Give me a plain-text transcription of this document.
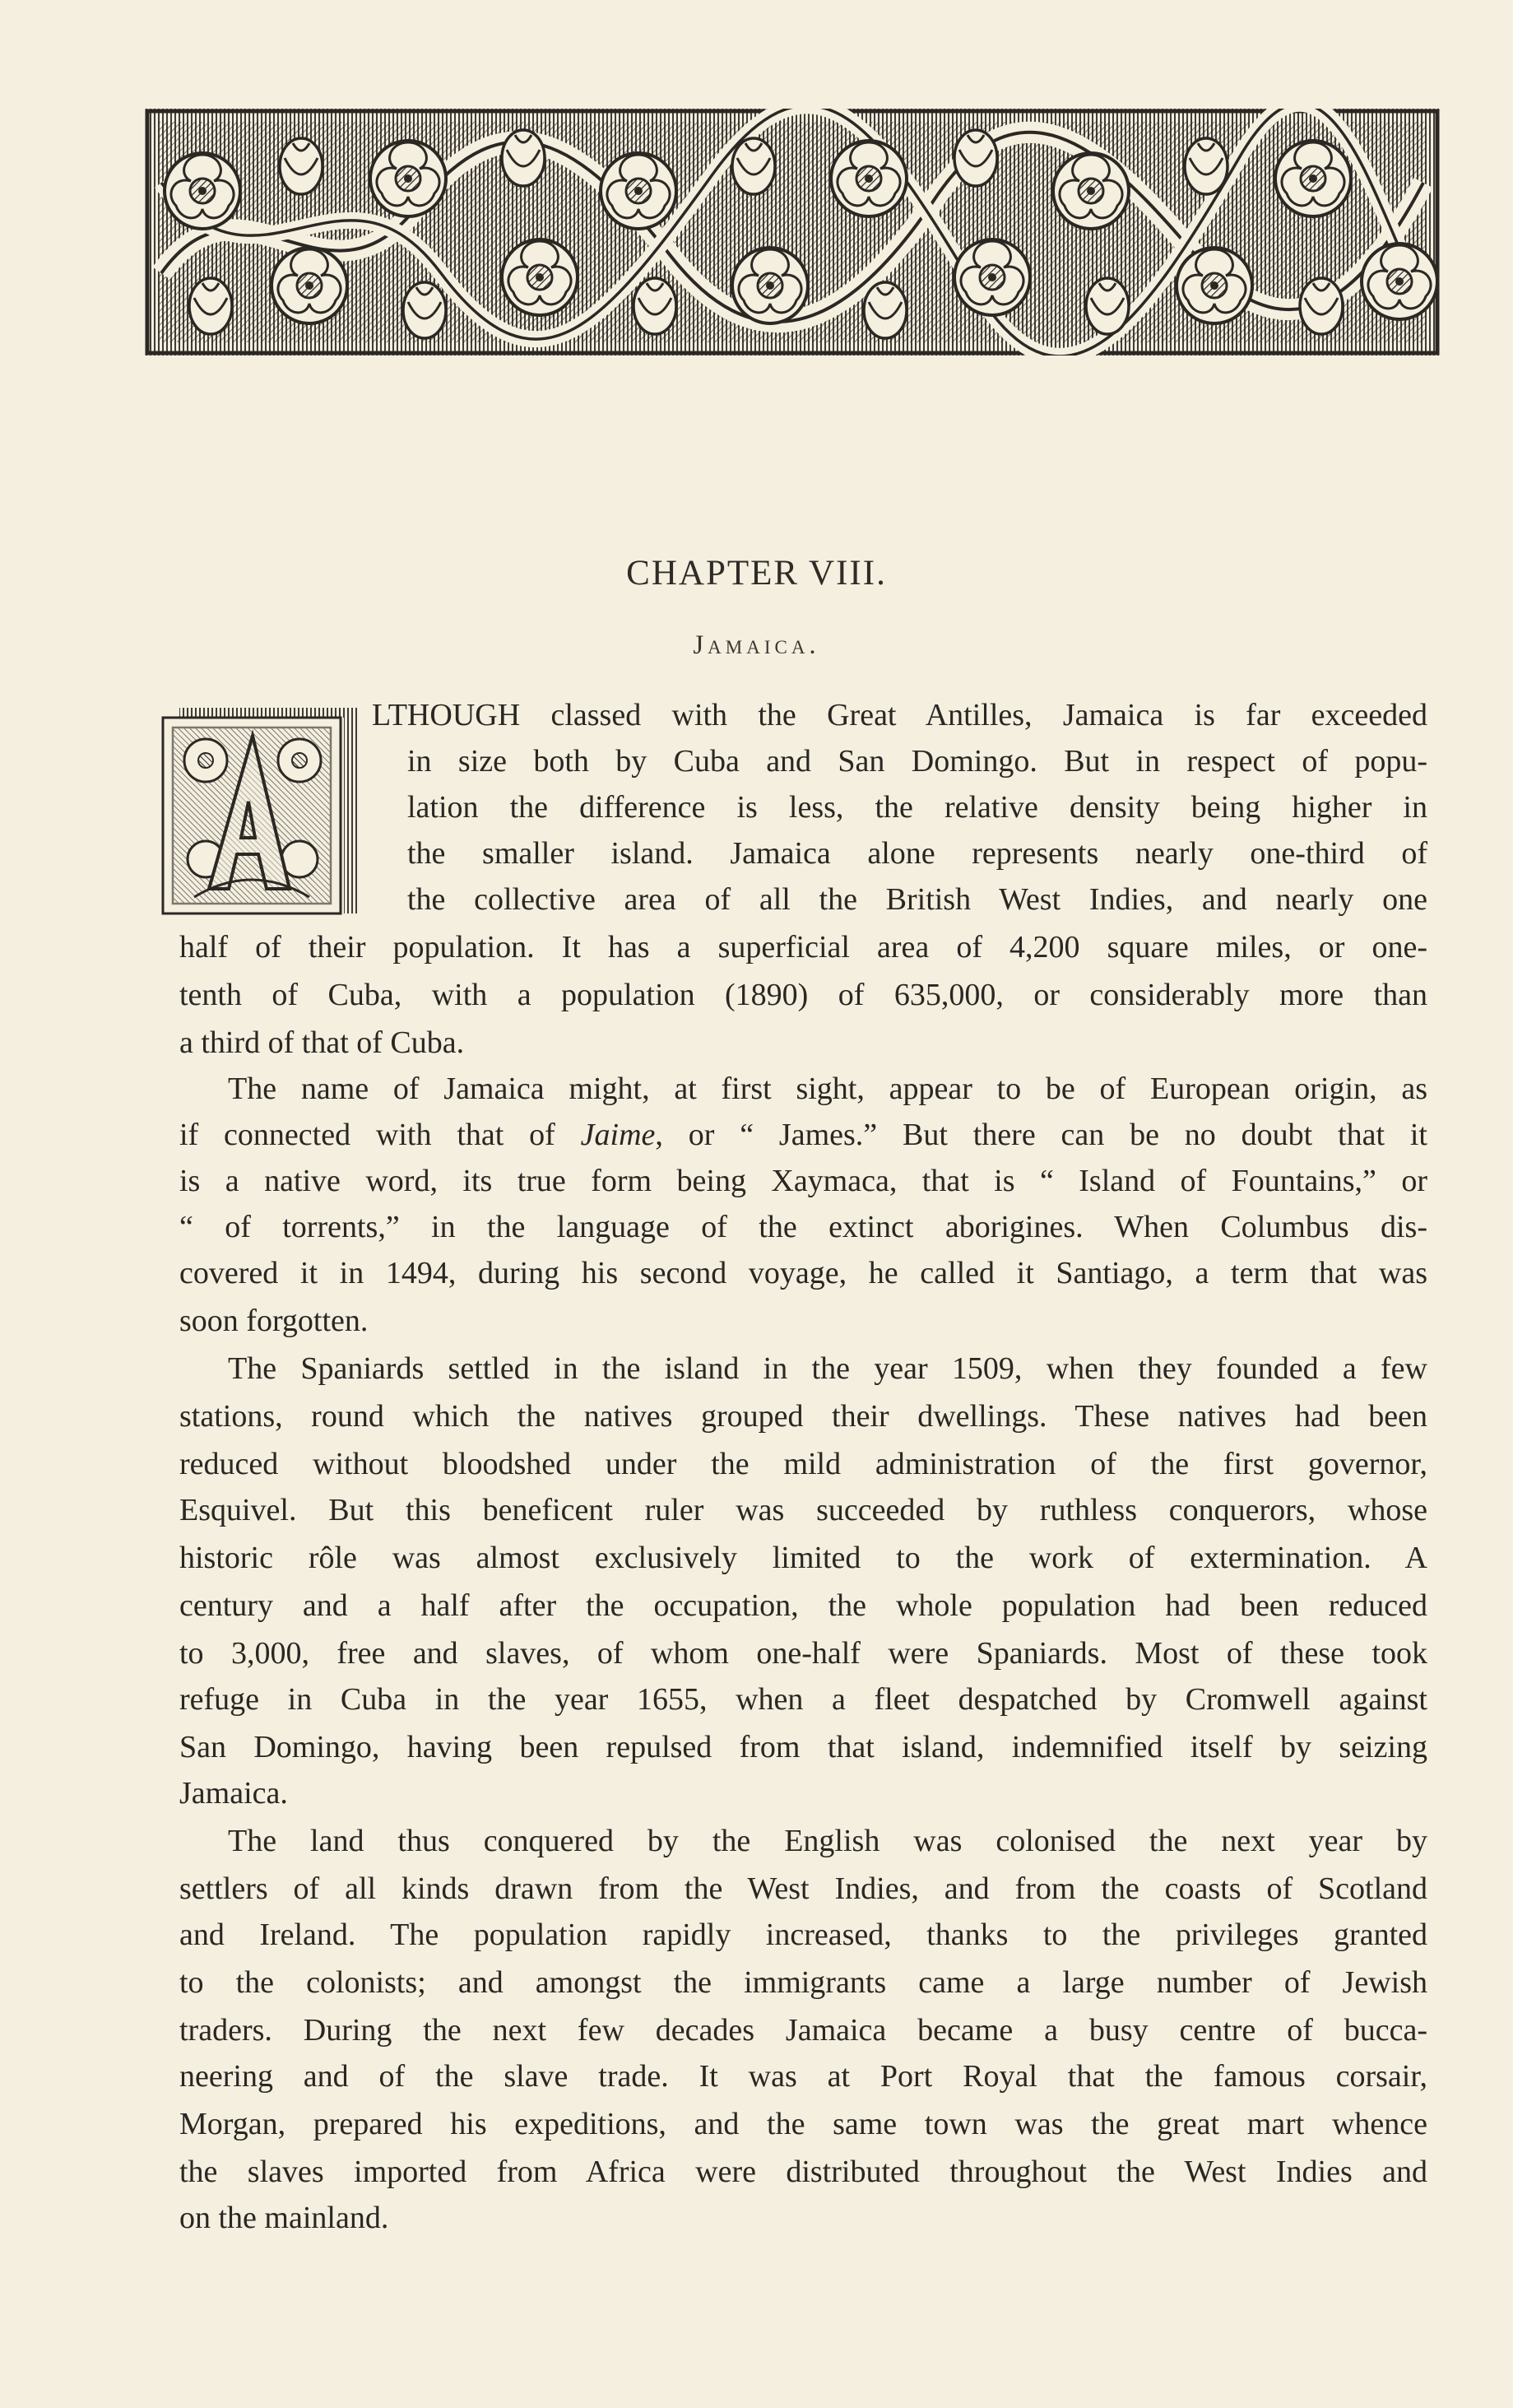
CHAPTER VIII.
Jamaica.
LTHOUGH classed with the Great Antilles, Jamaica is far exceeded
in size both by Cuba and San Domingo. But in respect of popu-
lation the difference is less, the relative density being higher in
the smaller island. Jamaica alone represents nearly one-third of
the collective area of all the British West Indies, and nearly one
half of their population. It has a superficial area of 4,200 square miles, or one-
tenth of Cuba, with a population (1890) of 635,000, or considerably more than
a third of that of Cuba.
The name of Jamaica might, at first sight, appear to be of European origin, as
if connected with that of Jaime, or “ James.” But there can be no doubt that it
is a native word, its true form being Xaymaca, that is “ Island of Fountains,” or
“ of torrents,” in the language of the extinct aborigines. When Columbus dis-
covered it in 1494, during his second voyage, he called it Santiago, a term that was
soon forgotten.
The Spaniards settled in the island in the year 1509, when they founded a few
stations, round which the natives grouped their dwellings. These natives had been
reduced without bloodshed under the mild administration of the first governor,
Esquivel. But this beneficent ruler was succeeded by ruthless conquerors, whose
historic rôle was almost exclusively limited to the work of extermination. A
century and a half after the occupation, the whole population had been reduced
to 3,000, free and slaves, of whom one-half were Spaniards. Most of these took
refuge in Cuba in the year 1655, when a fleet despatched by Cromwell against
San Domingo, having been repulsed from that island, indemnified itself by seizing
Jamaica.
The land thus conquered by the English was colonised the next year by
settlers of all kinds drawn from the West Indies, and from the coasts of Scotland
and Ireland. The population rapidly increased, thanks to the privileges granted
to the colonists; and amongst the immigrants came a large number of Jewish
traders. During the next few decades Jamaica became a busy centre of bucca-
neering and of the slave trade. It was at Port Royal that the famous corsair,
Morgan, prepared his expeditions, and the same town was the great mart whence
the slaves imported from Africa were distributed throughout the West Indies and
on the mainland.
